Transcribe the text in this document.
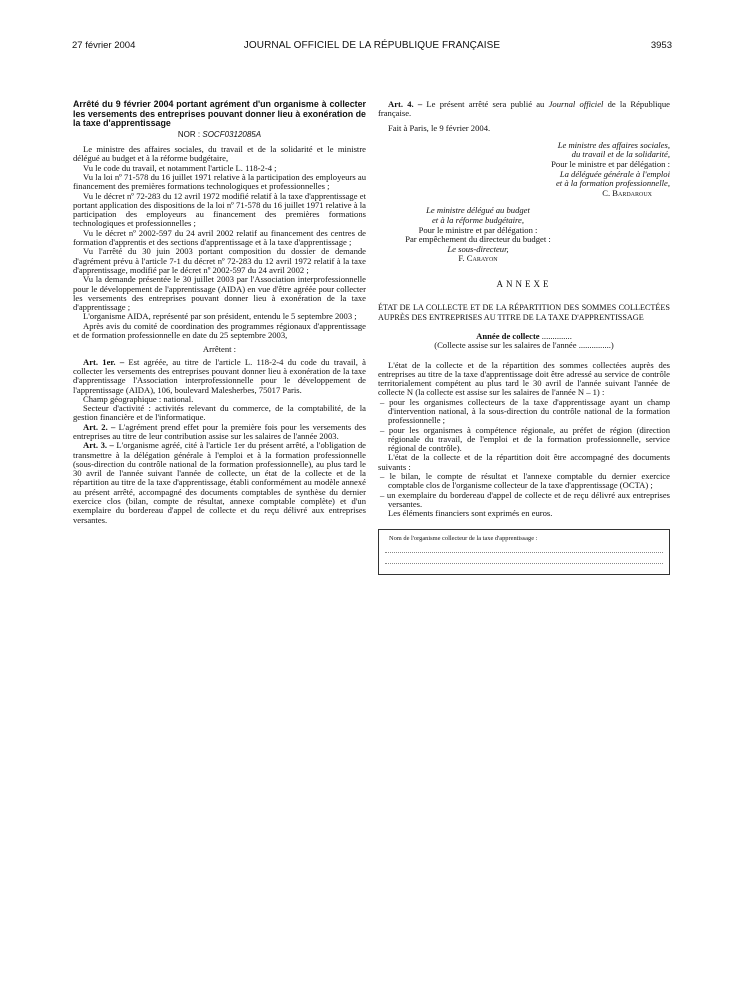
27 février 2004	JOURNAL OFFICIEL DE LA RÉPUBLIQUE FRANÇAISE	3953

Arrêté du 9 février 2004 portant agrément d'un organisme à collecter les versements des entreprises pouvant donner lieu à exonération de la taxe d'apprentissage

NOR : SOCF0312085A

Le ministre des affaires sociales, du travail et de la solidarité et le ministre délégué au budget et à la réforme budgétaire,

Vu le code du travail, et notamment l'article L. 118-2-4 ;

Vu la loi nº 71-578 du 16 juillet 1971 relative à la participation des employeurs au financement des premières formations technologiques et professionnelles ;

Vu le décret nº 72-283 du 12 avril 1972 modifié relatif à la taxe d'apprentissage et portant application des dispositions de la loi nº 71-578 du 16 juillet 1971 relative à la participation des employeurs au financement des premières formations technologiques et professionnelles ;

Vu le décret nº 2002-597 du 24 avril 2002 relatif au financement des centres de formation d'apprentis et des sections d'apprentissage et à la taxe d'apprentissage ;

Vu l'arrêté du 30 juin 2003 portant composition du dossier de demande d'agrément prévu à l'article 7-1 du décret nº 72-283 du 12 avril 1972 relatif à la taxe d'apprentissage, modifié par le décret nº 2002-597 du 24 avril 2002 ;

Vu la demande présentée le 30 juillet 2003 par l'Association interprofessionnelle pour le développement de l'apprentissage (AIDA) en vue d'être agréée pour collecter les versements des entreprises pouvant donner lieu à exonération de la taxe d'apprentissage ;

L'organisme AIDA, représenté par son président, entendu le 5 septembre 2003 ;

Après avis du comité de coordination des programmes régionaux d'apprentissage et de formation professionnelle en date du 25 septembre 2003,

Arrêtent :

Art. 1er. – Est agréée, au titre de l'article L. 118-2-4 du code du travail, à collecter les versements des entreprises pouvant donner lieu à exonération de la taxe d'apprentissage l'Association interprofessionnelle pour le développement de l'apprentissage (AIDA), 106, boulevard Malesherbes, 75017 Paris.

Champ géographique : national.

Secteur d'activité : activités relevant du commerce, de la comptabilité, de la gestion financière et de l'informatique.

Art. 2. – L'agrément prend effet pour la première fois pour les versements des entreprises au titre de leur contribution assise sur les salaires de l'année 2003.

Art. 3. – L'organisme agréé, cité à l'article 1er du présent arrêté, a l'obligation de transmettre à la délégation générale à l'emploi et à la formation professionnelle (sous-direction du contrôle national de la formation professionnelle), au plus tard le 30 avril de l'année suivant l'année de collecte, un état de la collecte et de la répartition au titre de la taxe d'apprentissage, établi conformément au modèle annexé au présent arrêté, accompagné des documents comptables de synthèse du dernier exercice clos (bilan, compte de résultat, annexe comptable complète) et d'un exemplaire du bordereau d'appel de collecte et du reçu délivré aux entreprises versantes.

Art. 4. – Le présent arrêté sera publié au Journal officiel de la République française.

Fait à Paris, le 9 février 2004.

Le ministre des affaires sociales,
du travail et de la solidarité,
Pour le ministre et par délégation :
La déléguée générale à l'emploi
et à la formation professionnelle,
C. Bardaroux
Le ministre délégué au budget
et à la réforme budgétaire,
Pour le ministre et par délégation :
Par empêchement du directeur du budget :
Le sous-directeur,
F. Carayon

ANNEXE

ÉTAT DE LA COLLECTE ET DE LA RÉPARTITION DES SOMMES COLLECTÉES AUPRÈS DES ENTREPRISES AU TITRE DE LA TAXE D'APPRENTISSAGE

Année de collecte ..............

(Collecte assise sur les salaires de l'année ...............)

L'état de la collecte et de la répartition des sommes collectées auprès des entreprises au titre de la taxe d'apprentissage doit être adressé au service de contrôle territorialement compétent au plus tard le 30 avril de l'année suivant l'année de collecte N (la collecte est assise sur les salaires de l'année N – 1) :

– pour les organismes collecteurs de la taxe d'apprentissage ayant un champ d'intervention national, à la sous-direction du contrôle national de la formation professionnelle ;

– pour les organismes à compétence régionale, au préfet de région (direction régionale du travail, de l'emploi et de la formation professionnelle, service régional de contrôle).

L'état de la collecte et de la répartition doit être accompagné des documents suivants :

– le bilan, le compte de résultat et l'annexe comptable du dernier exercice comptable clos de l'organisme collecteur de la taxe d'apprentissage (OCTA) ;

– un exemplaire du bordereau d'appel de collecte et de reçu délivré aux entreprises versantes.

Les éléments financiers sont exprimés en euros.

Nom de l'organisme collecteur de la taxe d'apprentissage :
